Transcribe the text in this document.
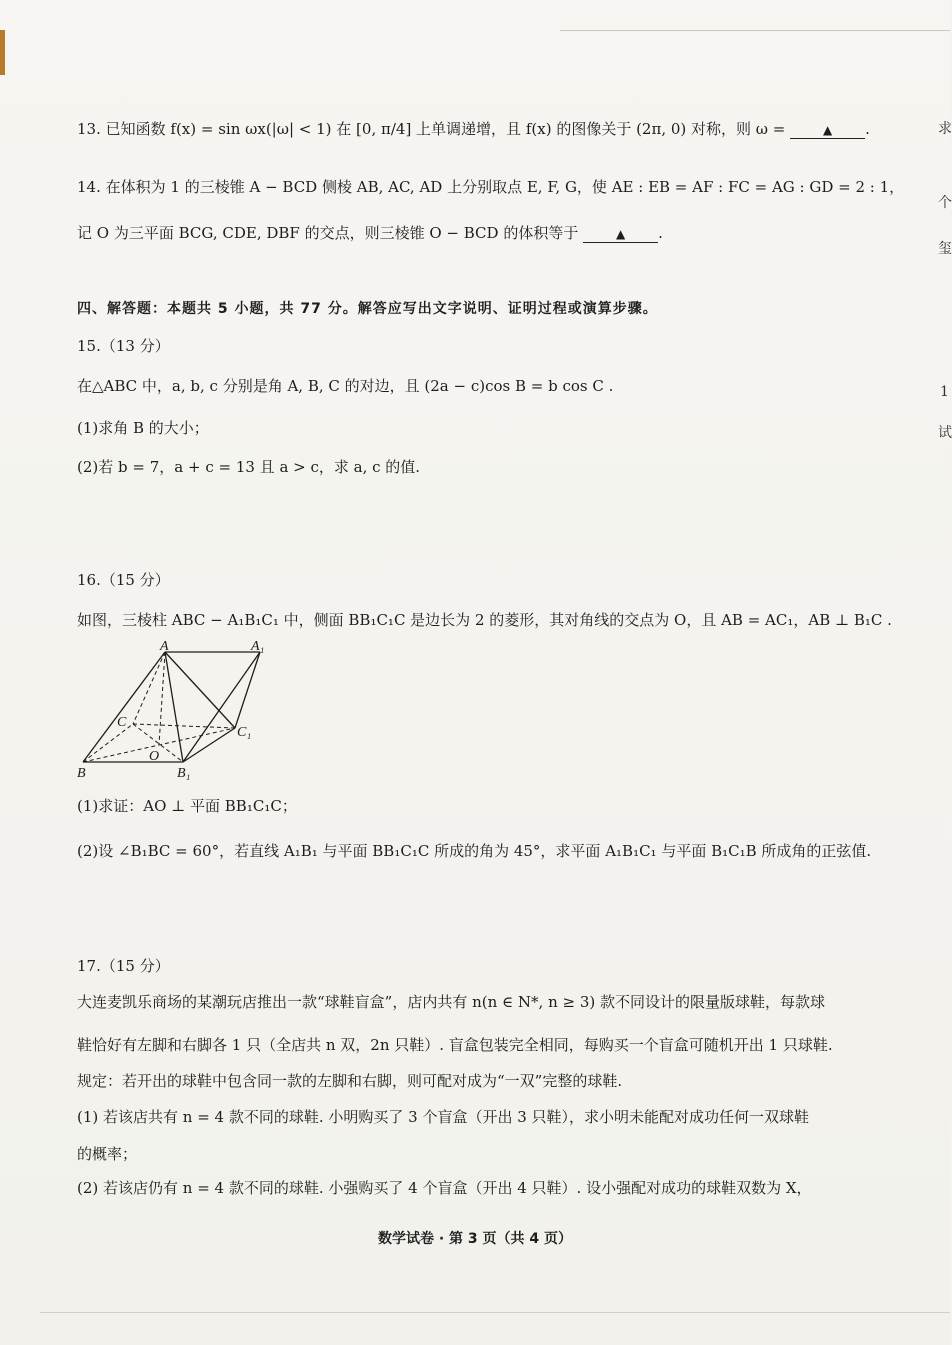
13. 已知函数 f(x) = sin ωx(|ω| < 1) 在 [0, π/4] 上单调递增，且 f(x) 的图像关于 (2π, 0) 对称，则 ω =	▲ .
14. 在体积为 1 的三棱锥 A − BCD 侧棱 AB, AC, AD 上分别取点 E, F, G，使 AE : EB = AF : FC = AG : GD = 2 : 1，
记 O 为三平面 BCG, CDE, DBF 的交点，则三棱锥 O − BCD 的体积等于	▲ .
四、解答题：本题共 5 小题，共 77 分。解答应写出文字说明、证明过程或演算步骤。
15.（13 分）
在△ABC 中，a, b, c 分别是角 A, B, C 的对边，且 (2a − c)cos B = b cos C .
(1)求角 B 的大小；
(2)若 b = 7，a + c = 13 且 a > c，求 a, c 的值.
16.（15 分）
如图，三棱柱 ABC − A₁B₁C₁ 中，侧面 BB₁C₁C 是边长为 2 的菱形，其对角线的交点为 O，且 AB = AC₁，AB ⊥ B₁C .
A	A₁
C
C₁
O
B	B₁
(1)求证：AO ⊥ 平面 BB₁C₁C；
(2)设 ∠B₁BC = 60°，若直线 A₁B₁ 与平面 BB₁C₁C 所成的角为 45°，求平面 A₁B₁C₁ 与平面 B₁C₁B 所成角的正弦值.
17.（15 分）
大连麦凯乐商场的某潮玩店推出一款“球鞋盲盒”，店内共有 n(n ∈ N*, n ≥ 3) 款不同设计的限量版球鞋，每款球
鞋恰好有左脚和右脚各 1 只（全店共 n 双，2n 只鞋）. 盲盒包装完全相同，每购买一个盲盒可随机开出 1 只球鞋.
规定：若开出的球鞋中包含同一款的左脚和右脚，则可配对成为“一双”完整的球鞋.
(1) 若该店共有 n = 4 款不同的球鞋. 小明购买了 3 个盲盒（开出 3 只鞋），求小明未能配对成功任何一双球鞋
的概率；
(2) 若该店仍有 n = 4 款不同的球鞋. 小强购买了 4 个盲盒（开出 4 只鞋）. 设小强配对成功的球鞋双数为 X，
数学试卷 · 第 3 页（共 4 页）
求
个
玺
1
试
